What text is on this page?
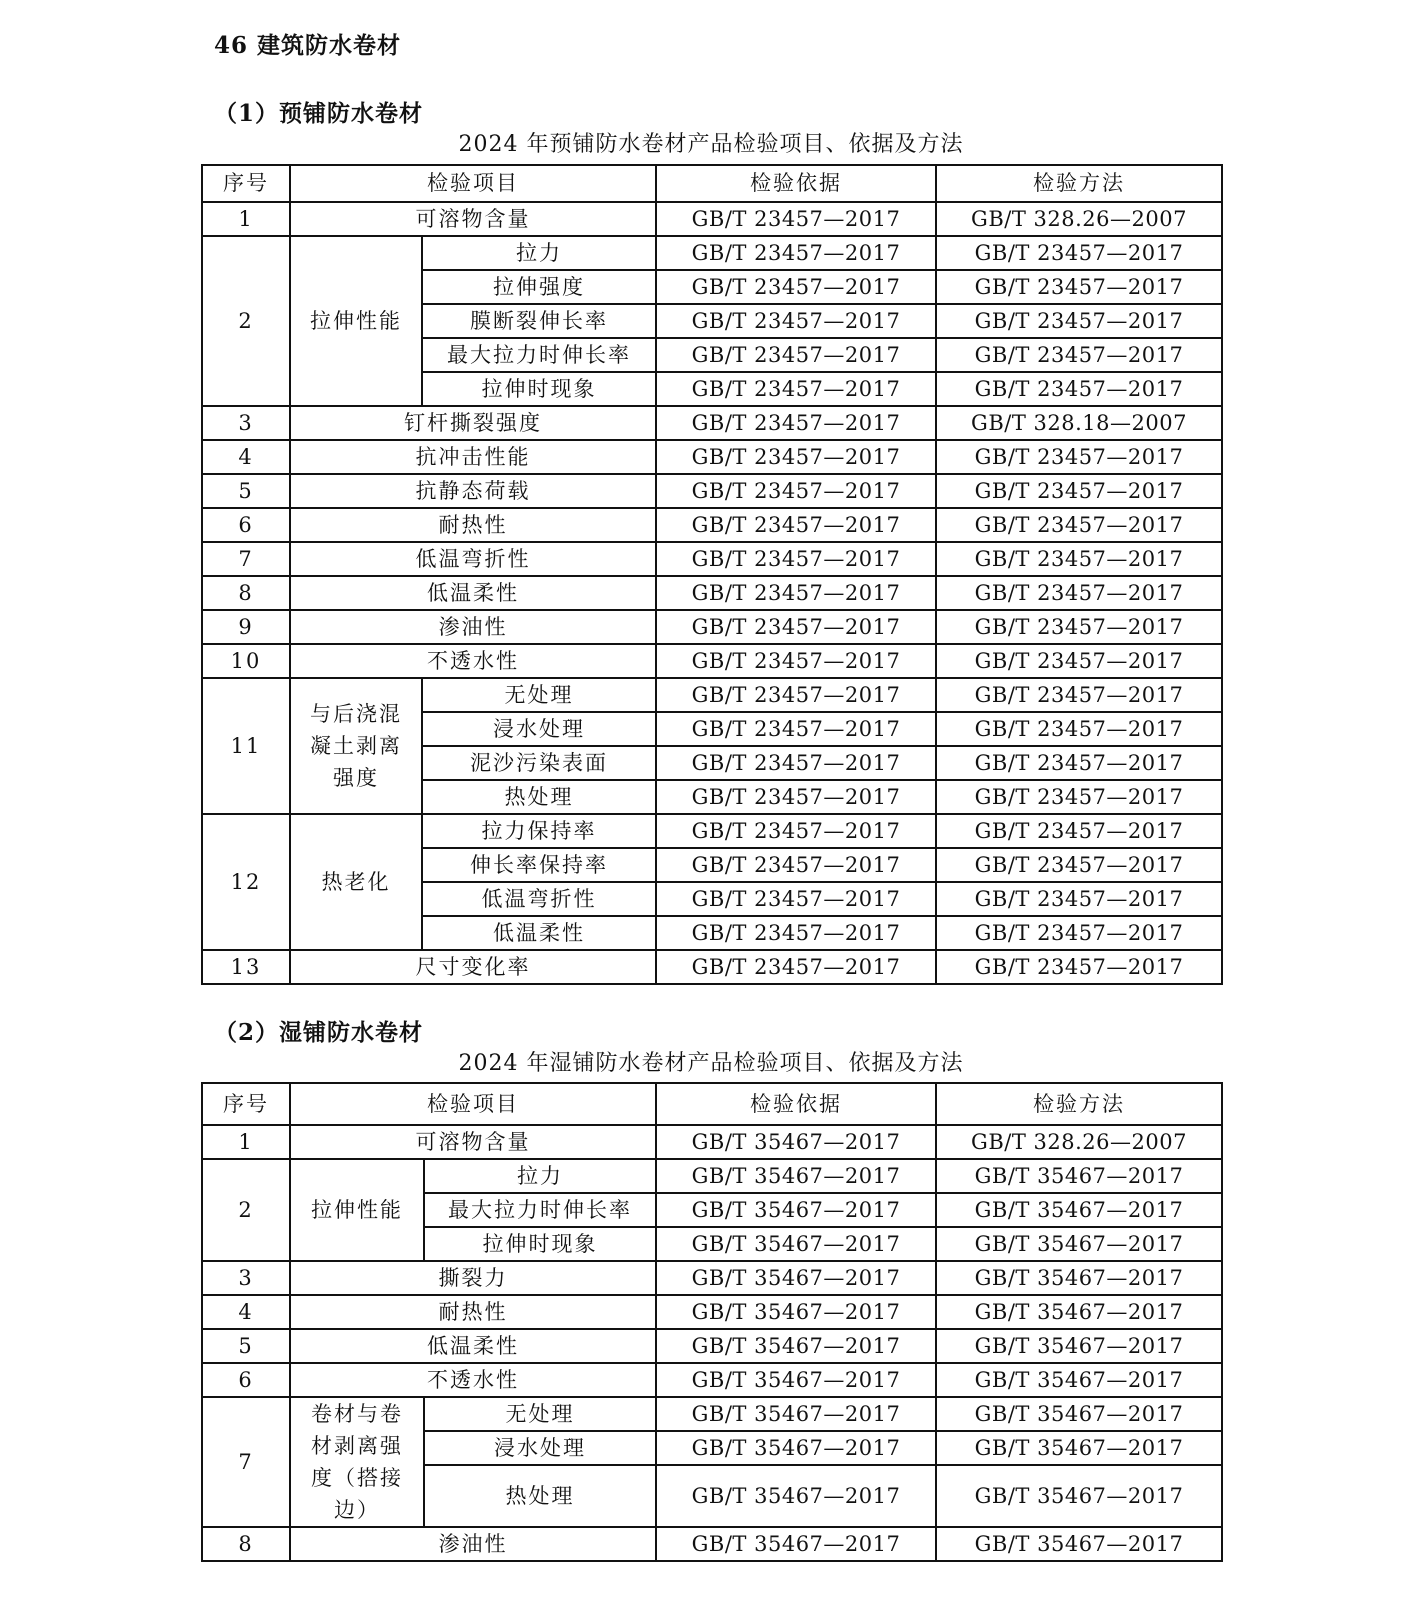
46 建筑防水卷材
（1）预铺防水卷材
2024 年预铺防水卷材产品检验项目、依据及方法
序号	检验项目		检验依据	检验方法
1	可溶物含量		GB/T 23457—2017	GB/T 328.26—2007
2	拉伸性能	拉力	GB/T 23457—2017	GB/T 23457—2017
		拉伸强度	GB/T 23457—2017	GB/T 23457—2017
		膜断裂伸长率	GB/T 23457—2017	GB/T 23457—2017
		最大拉力时伸长率	GB/T 23457—2017	GB/T 23457—2017
		拉伸时现象	GB/T 23457—2017	GB/T 23457—2017
3	钉杆撕裂强度		GB/T 23457—2017	GB/T 328.18—2007
4	抗冲击性能		GB/T 23457—2017	GB/T 23457—2017
5	抗静态荷载		GB/T 23457—2017	GB/T 23457—2017
6	耐热性		GB/T 23457—2017	GB/T 23457—2017
7	低温弯折性		GB/T 23457—2017	GB/T 23457—2017
8	低温柔性		GB/T 23457—2017	GB/T 23457—2017
9	渗油性		GB/T 23457—2017	GB/T 23457—2017
10	不透水性		GB/T 23457—2017	GB/T 23457—2017
11	与后浇混凝土剥离强度	无处理	GB/T 23457—2017	GB/T 23457—2017
		浸水处理	GB/T 23457—2017	GB/T 23457—2017
		泥沙污染表面	GB/T 23457—2017	GB/T 23457—2017
		热处理	GB/T 23457—2017	GB/T 23457—2017
12	热老化	拉力保持率	GB/T 23457—2017	GB/T 23457—2017
		伸长率保持率	GB/T 23457—2017	GB/T 23457—2017
		低温弯折性	GB/T 23457—2017	GB/T 23457—2017
		低温柔性	GB/T 23457—2017	GB/T 23457—2017
13	尺寸变化率		GB/T 23457—2017	GB/T 23457—2017
（2）湿铺防水卷材
2024 年湿铺防水卷材产品检验项目、依据及方法
序号	检验项目		检验依据	检验方法
1	可溶物含量		GB/T 35467—2017	GB/T 328.26—2007
2	拉伸性能	拉力	GB/T 35467—2017	GB/T 35467—2017
		最大拉力时伸长率	GB/T 35467—2017	GB/T 35467—2017
		拉伸时现象	GB/T 35467—2017	GB/T 35467—2017
3	撕裂力		GB/T 35467—2017	GB/T 35467—2017
4	耐热性		GB/T 35467—2017	GB/T 35467—2017
5	低温柔性		GB/T 35467—2017	GB/T 35467—2017
6	不透水性		GB/T 35467—2017	GB/T 35467—2017
7	卷材与卷材剥离强度（搭接边）	无处理	GB/T 35467—2017	GB/T 35467—2017
		浸水处理	GB/T 35467—2017	GB/T 35467—2017
		热处理	GB/T 35467—2017	GB/T 35467—2017
8	渗油性		GB/T 35467—2017	GB/T 35467—2017
